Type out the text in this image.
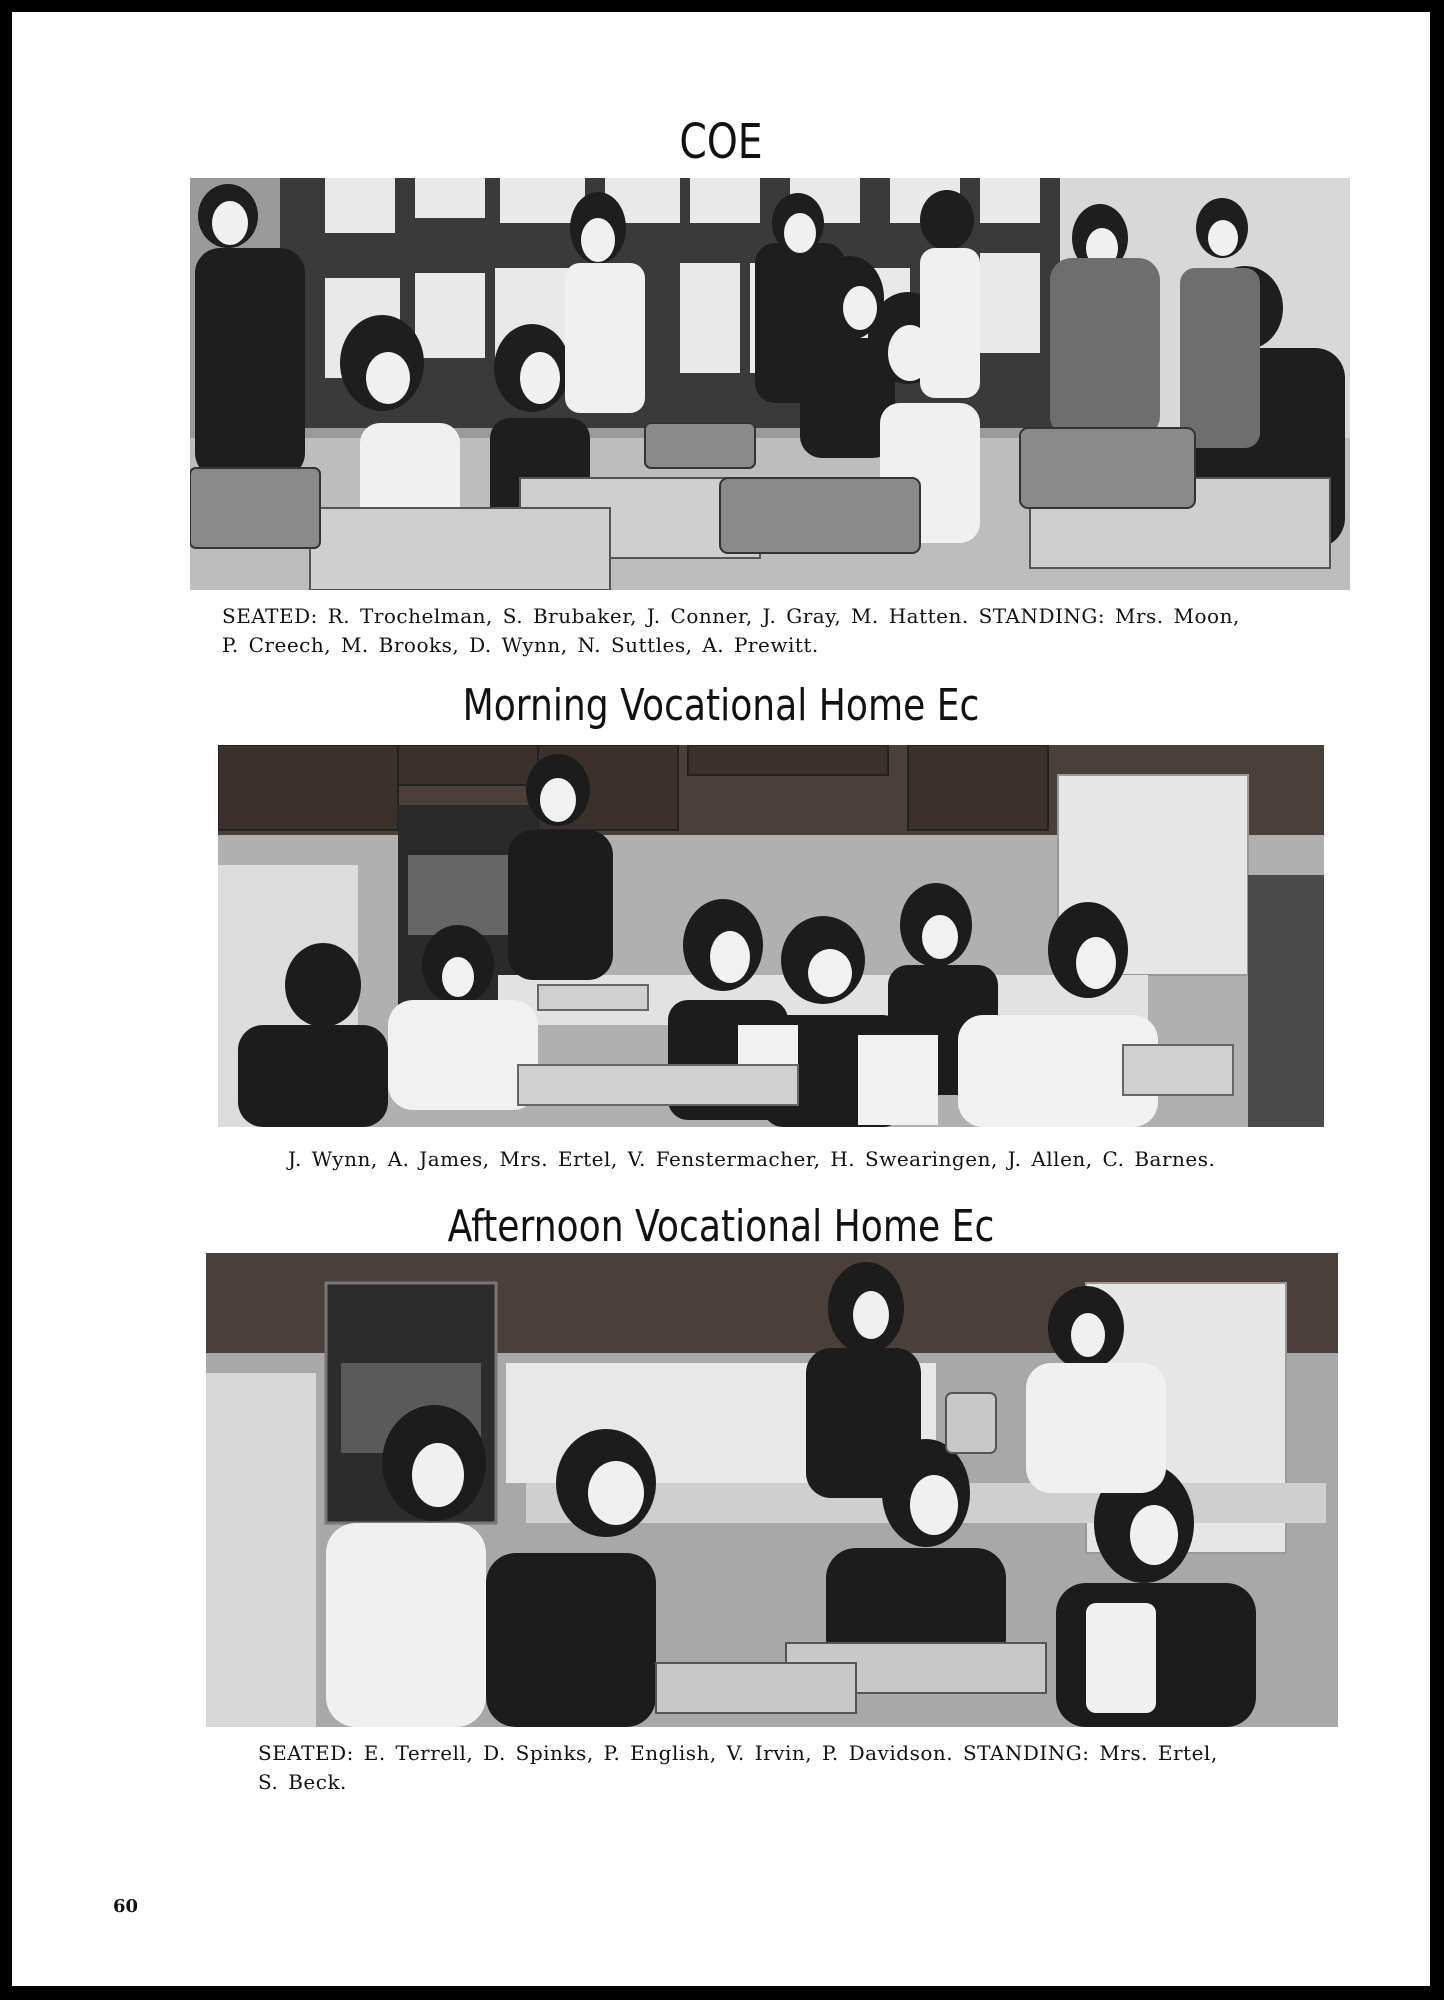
COE
SEATED: R. Trochelman, S. Brubaker, J. Conner, J. Gray, M. Hatten. STANDING: Mrs. Moon,
P. Creech, M. Brooks, D. Wynn, N. Suttles, A. Prewitt.
Morning Vocational Home Ec
J. Wynn, A. James, Mrs. Ertel, V. Fenstermacher, H. Swearingen, J. Allen, C. Barnes.
Afternoon Vocational Home Ec
SEATED: E. Terrell, D. Spinks, P. English, V. Irvin, P. Davidson. STANDING: Mrs. Ertel,
S. Beck.
60
